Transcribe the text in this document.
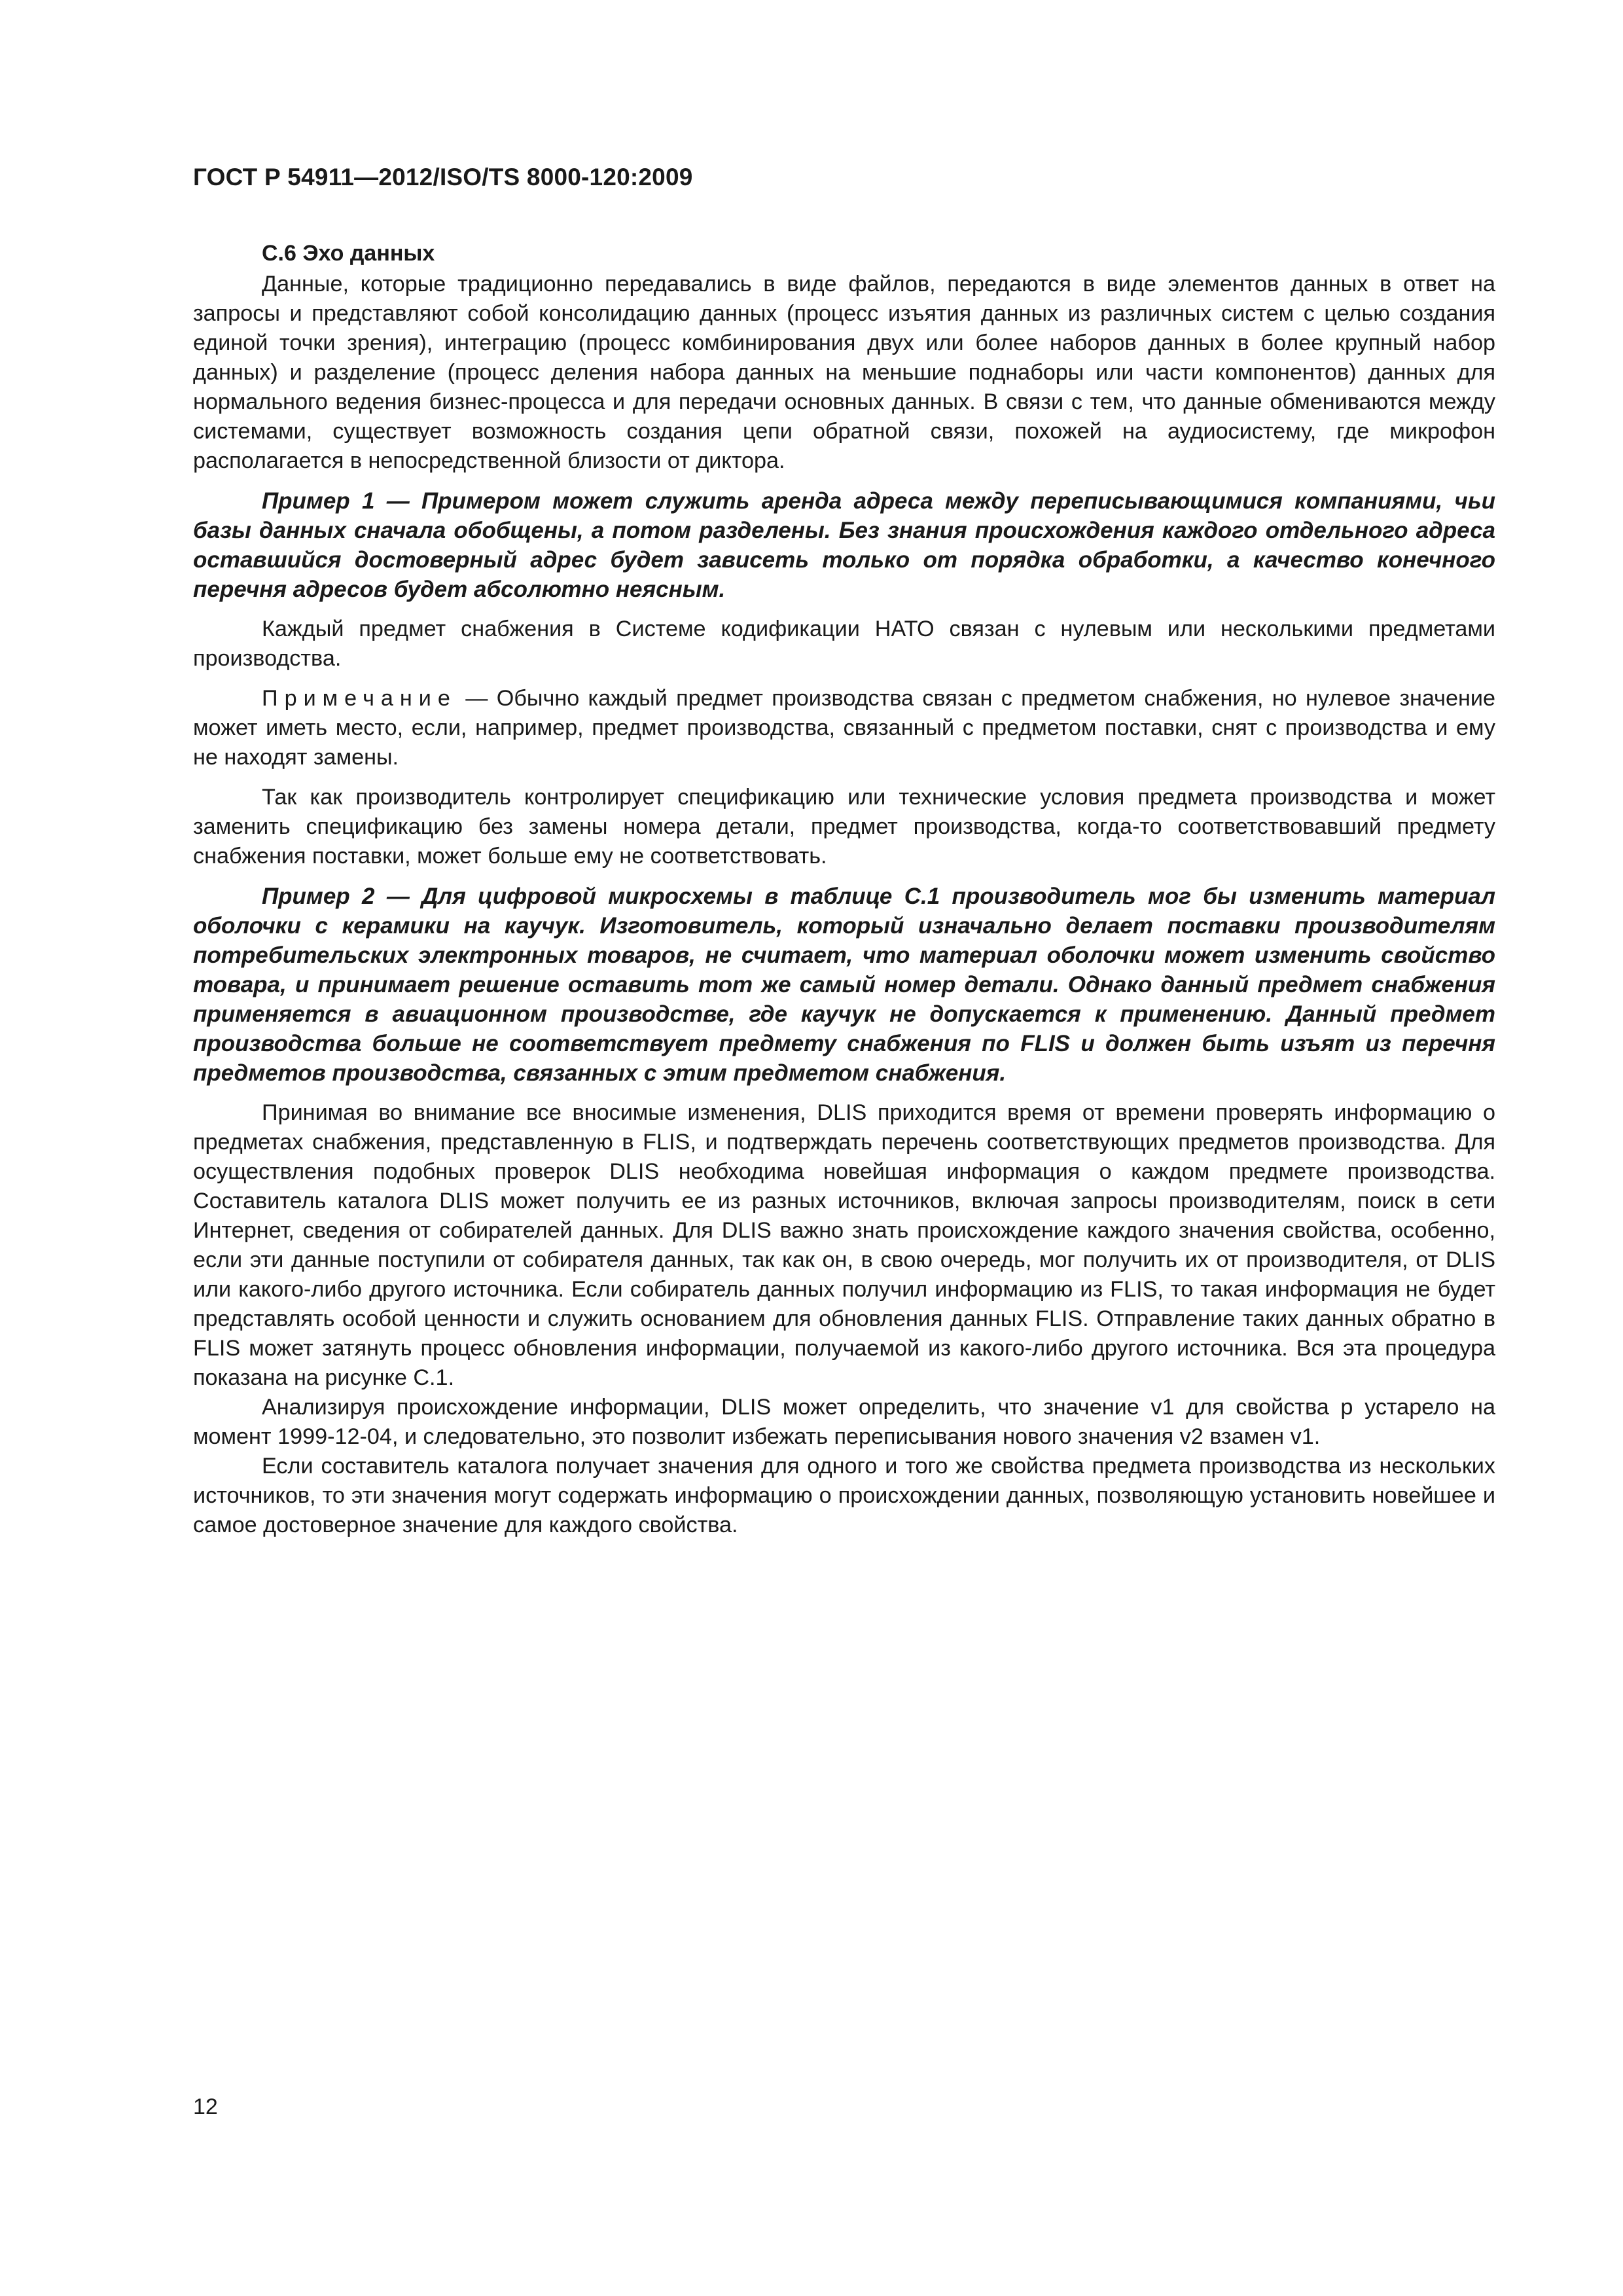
ГОСТ Р 54911—2012/ISO/TS 8000-120:2009
С.6 Эхо данных

Данные, которые традиционно передавались в виде файлов, передаются в виде элементов данных в ответ на запросы и представляют собой консолидацию данных (процесс изъятия данных из различных систем с целью создания единой точки зрения), интеграцию (процесс комбинирования двух или более наборов данных в более крупный набор данных) и разделение (процесс деления набора данных на меньшие поднаборы или части компонентов) данных для нормального ведения бизнес-процесса и для передачи основных данных. В связи с тем, что данные обмениваются между системами, существует возможность создания цепи обратной связи, похожей на аудиосистему, где микрофон располагается в непосредственной близости от диктора.

Пример 1 — Примером может служить аренда адреса между переписывающимися компаниями, чьи базы данных сначала обобщены, а потом разделены. Без знания происхождения каждого отдельного адреса оставшийся достоверный адрес будет зависеть только от порядка обработки, а качество конечного перечня адресов будет абсолютно неясным.

Каждый предмет снабжения в Системе кодификации НАТО связан с нулевым или несколькими предметами производства.

Примечание — Обычно каждый предмет производства связан с предметом снабжения, но нулевое значение может иметь место, если, например, предмет производства, связанный с предметом поставки, снят с производства и ему не находят замены.

Так как производитель контролирует спецификацию или технические условия предмета производства и может заменить спецификацию без замены номера детали, предмет производства, когда-то соответствовавший предмету снабжения поставки, может больше ему не соответствовать.

Пример 2 — Для цифровой микросхемы в таблице С.1 производитель мог бы изменить материал оболочки с керамики на каучук. Изготовитель, который изначально делает поставки производителям потребительских электронных товаров, не считает, что материал оболочки может изменить свойство товара, и принимает решение оставить тот же самый номер детали. Однако данный предмет снабжения применяется в авиационном производстве, где каучук не допускается к применению. Данный предмет производства больше не соответствует предмету снабжения по FLIS и должен быть изъят из перечня предметов производства, связанных с этим предметом снабжения.

Принимая во внимание все вносимые изменения, DLIS приходится время от времени проверять информацию о предметах снабжения, представленную в FLIS, и подтверждать перечень соответствующих предметов производства. Для осуществления подобных проверок DLIS необходима новейшая информация о каждом предмете производства. Составитель каталога DLIS может получить ее из разных источников, включая запросы производителям, поиск в сети Интернет, сведения от собирателей данных. Для DLIS важно знать происхождение каждого значения свойства, особенно, если эти данные поступили от собирателя данных, так как он, в свою очередь, мог получить их от производителя, от DLIS или какого-либо другого источника. Если собиратель данных получил информацию из FLIS, то такая информация не будет представлять особой ценности и служить основанием для обновления данных FLIS. Отправление таких данных обратно в FLIS может затянуть процесс обновления информации, получаемой из какого-либо другого источника. Вся эта процедура показана на рисунке С.1.

Анализируя происхождение информации, DLIS может определить, что значение v1 для свойства p устарело на момент 1999-12-04, и следовательно, это позволит избежать переписывания нового значения v2 взамен v1.

Если составитель каталога получает значения для одного и того же свойства предмета производства из нескольких источников, то эти значения могут содержать информацию о происхождении данных, позволяющую установить новейшее и самое достоверное значение для каждого свойства.

12
